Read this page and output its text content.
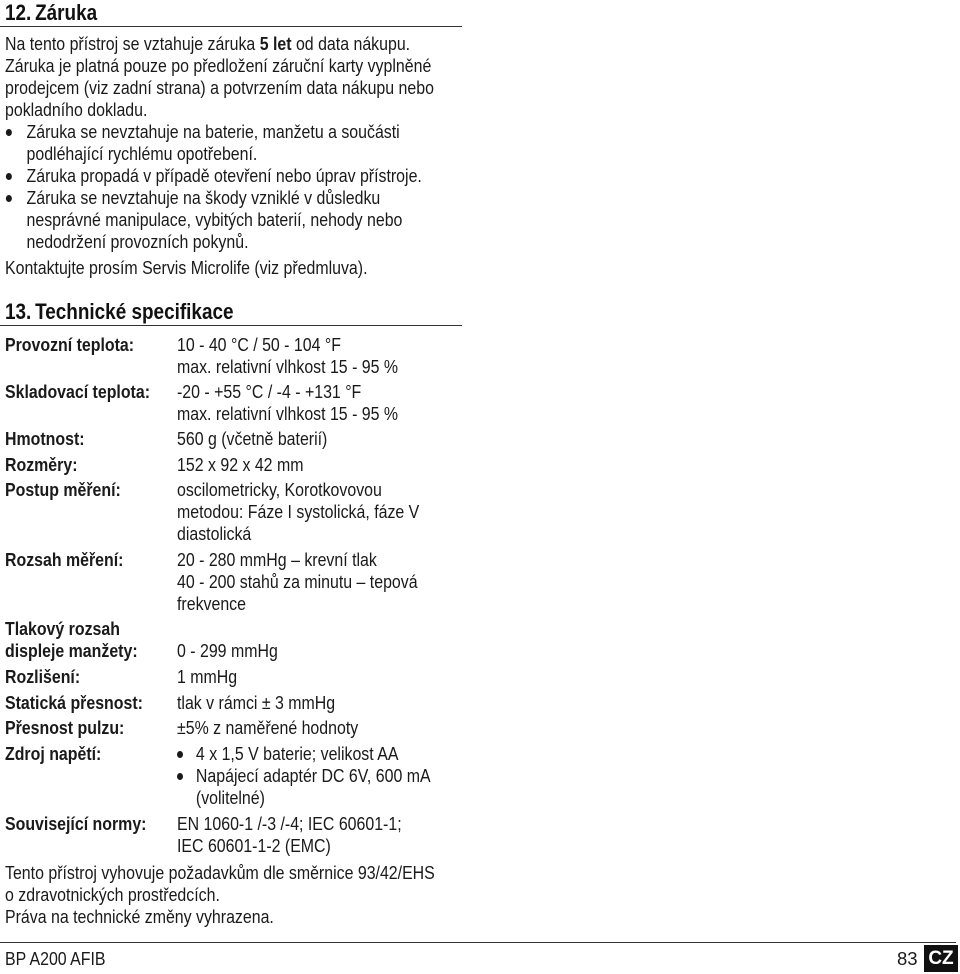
12. Záruka
Na tento přístroj se vztahuje záruka 5 let od data nákupu.
Záruka je platná pouze po předložení záruční karty vyplněné
prodejcem (viz zadní strana) a potvrzením data nákupu nebo
pokladního dokladu.
Záruka se nevztahuje na baterie, manžetu a součásti
podléhající rychlému opotřebení.
Záruka propadá v případě otevření nebo úprav přístroje.
Záruka se nevztahuje na škody vzniklé v důsledku
nesprávné manipulace, vybitých baterií, nehody nebo
nedodržení provozních pokynů.
Kontaktujte prosím Servis Microlife (viz předmluva).
13. Technické specifikace
Provozní teplota: 10 - 40 °C / 50 - 104 °F
max. relativní vlhkost 15 - 95 %
Skladovací teplota: -20 - +55 °C / -4 - +131 °F
max. relativní vlhkost 15 - 95 %
Hmotnost:	560 g (včetně baterií)
Rozměry:	152 x 92 x 42 mm
Postup měření:	oscilometricky, Korotkovovou
metodou: Fáze I systolická, fáze V
diastolická
Rozsah měření:	20 - 280 mmHg – krevní tlak
40 - 200 stahů za minutu – tepová
frekvence
Tlakový rozsah
displeje manžety: 0 - 299 mmHg
Rozlišení:	1 mmHg
Statická přesnost: tlak v rámci ± 3 mmHg
Přesnost pulzu:	±5% z naměřené hodnoty
Zdroj napětí:	4 x 1,5 V baterie; velikost AA
Napájecí adaptér DC 6V, 600 mA
(volitelné)
Související normy: EN 1060-1 /-3 /-4; IEC 60601-1;
IEC 60601-1-2 (EMC)
Tento přístroj vyhovuje požadavkům dle směrnice 93/42/EHS
o zdravotnických prostředcích.
Práva na technické změny vyhrazena.
BP A200 AFIB	83 CZ
